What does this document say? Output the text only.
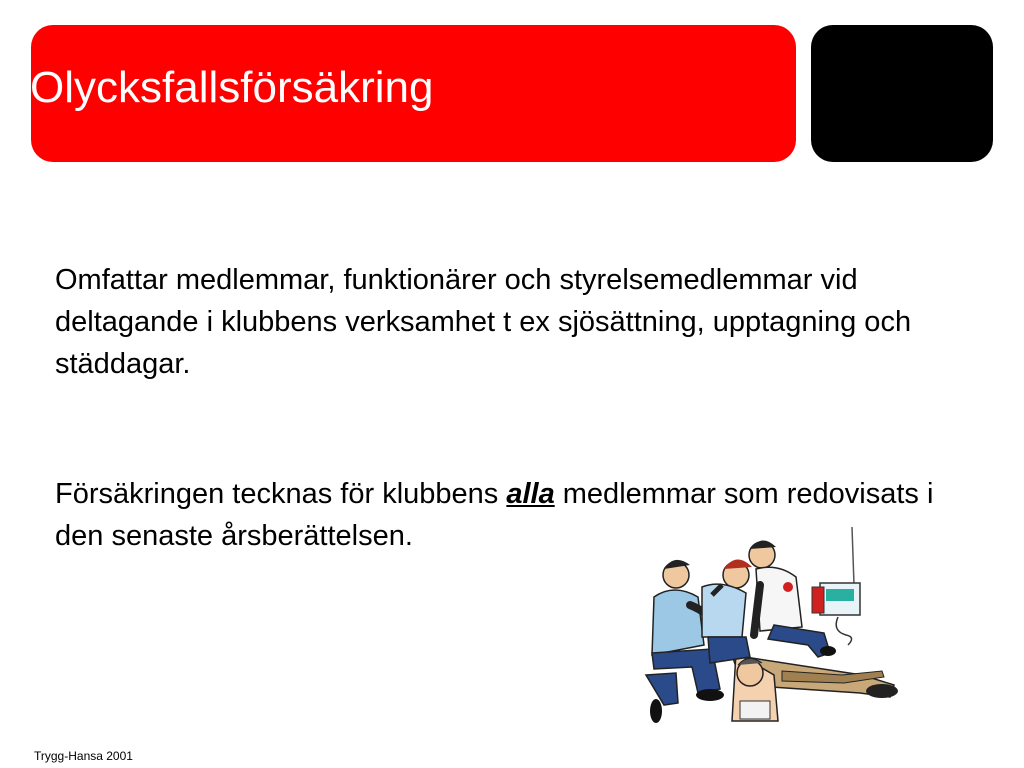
Olycksfallsförsäkring
Omfattar medlemmar, funktionärer och styrelsemedlemmar vid deltagande i klubbens verksamhet t ex sjösättning, upptagning och städdagar.
Försäkringen tecknas för klubbens alla medlemmar som redovisats i den senaste årsberättelsen.
Trygg-Hansa 2001
